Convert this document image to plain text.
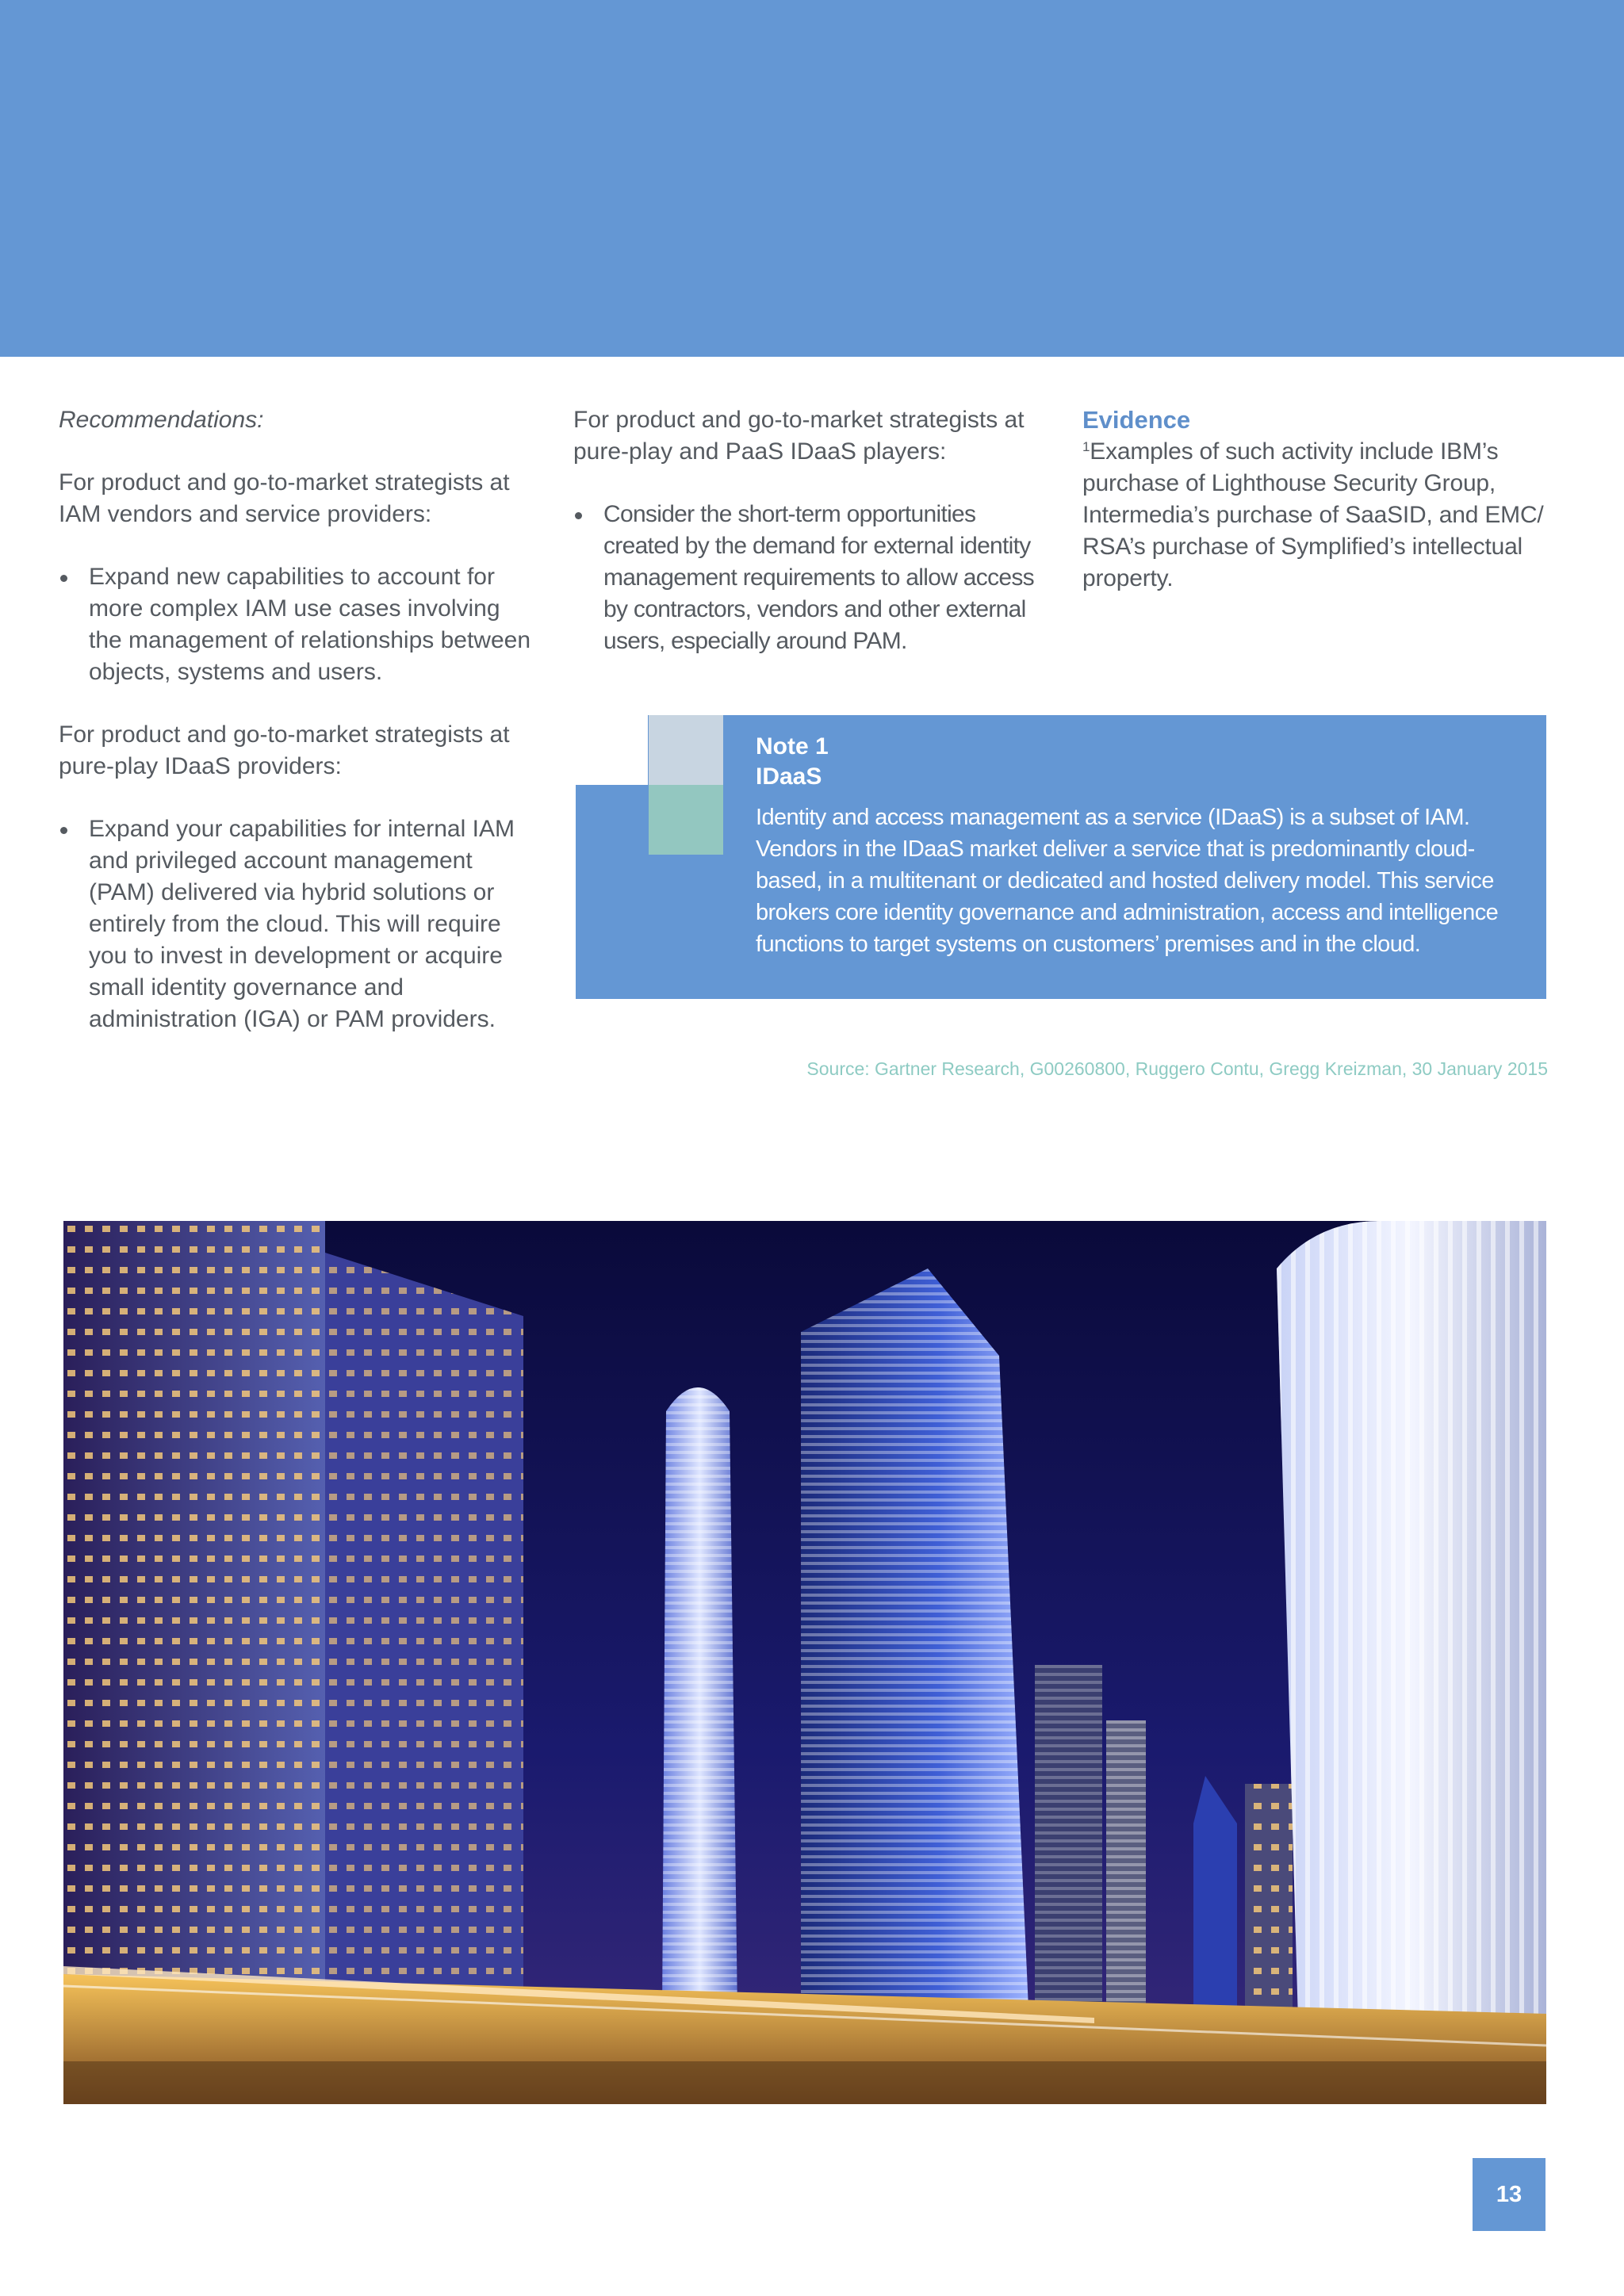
Recommendations:

For product and go-to-market strategists at IAM vendors and service providers:

Expand new capabilities to account for more complex IAM use cases involving the management of relationships between objects, systems and users.

For product and go-to-market strategists at pure-play IDaaS providers:

Expand your capabilities for internal IAM and privileged account management (PAM) delivered via hybrid solutions or entirely from the cloud. This will require you to invest in development or acquire small identity governance and administration (IGA) or PAM providers.

For product and go-to-market strategists at pure-play and PaaS IDaaS players:

Consider the short-term opportunities created by the demand for external identity management requirements to allow access by contractors, vendors and other external users, especially around PAM.

Evidence

$^1$Examples of such activity include IBM’s purchase of Lighthouse Security Group, Intermedia’s purchase of SaaSID, and EMC/ RSA’s purchase of Symplified’s intellectual property.

Note 1

IDaaS

Identity and access management as a service (IDaaS) is a subset of IAM. Vendors in the IDaaS market deliver a service that is predominantly cloud-based, in a multitenant or dedicated and hosted delivery model. This service brokers core identity governance and administration, access and intelligence functions to target systems on customers’ premises and in the cloud.

Source: Gartner Research, G00260800, Ruggero Contu, Gregg Kreizman, 30 January 2015
13
